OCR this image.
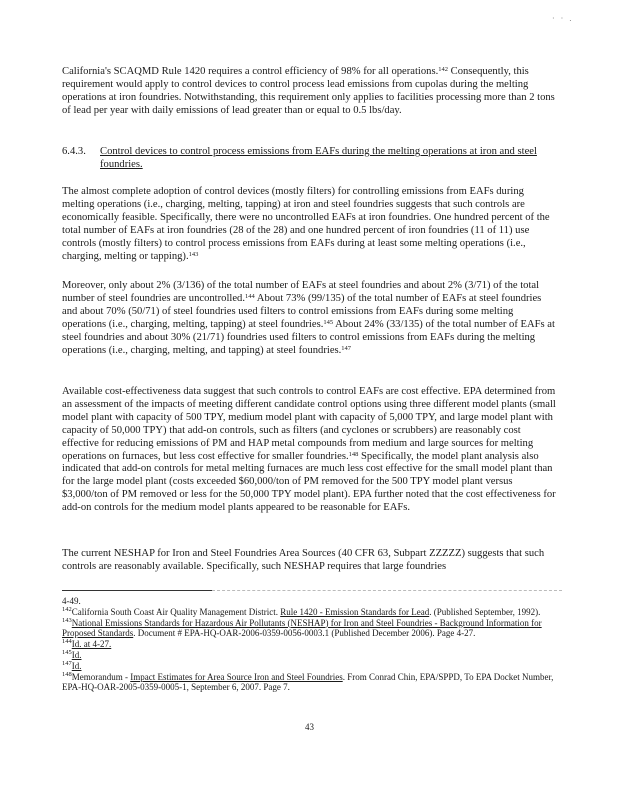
· · .

California's SCAQMD Rule 1420 requires a control efficiency of 98% for all operations.$^{142}$ Consequently, this requirement would apply to control devices to control process lead emissions from cupolas during the melting operations at iron foundries. Notwithstanding, this requirement only applies to facilities processing more than 2 tons of lead per year with daily emissions of lead greater than or equal to 0.5 lbs/day.

6.4.3. Control devices to control process emissions from EAFs during the melting operations at iron and steel foundries.

The almost complete adoption of control devices (mostly filters) for controlling emissions from EAFs during melting operations (i.e., charging, melting, tapping) at iron and steel foundries suggests that such controls are economically feasible. Specifically, there were no uncontrolled EAFs at iron foundries. One hundred percent of the total number of EAFs at iron foundries (28 of the 28) and one hundred percent of iron foundries (11 of 11) use controls (mostly filters) to control process emissions from EAFs during at least some melting operations (i.e., charging, melting or tapping).$^{143}$

Moreover, only about 2% (3/136) of the total number of EAFs at steel foundries and about 2% (3/71) of the total number of steel foundries are uncontrolled.$^{144}$ About 73% (99/135) of the total number of EAFs at steel foundries and about 70% (50/71) of steel foundries used filters to control emissions from EAFs during some melting operations (i.e., charging, melting, tapping) at steel foundries.$^{145}$ About 24% (33/135) of the total number of EAFs at steel foundries and about 30% (21/71) foundries used filters to control emissions from EAFs during the melting operations (i.e., charging, melting, and tapping) at steel foundries.$^{147}$

Available cost-effectiveness data suggest that such controls to control EAFs are cost effective. EPA determined from an assessment of the impacts of meeting different candidate control options using three different model plants (small model plant with capacity of 500 TPY, medium model plant with capacity of 5,000 TPY, and large model plant with capacity of 50,000 TPY) that add-on controls, such as filters (and cyclones or scrubbers) are reasonably cost effective for reducing emissions of PM and HAP metal compounds from medium and large sources for melting operations on furnaces, but less cost effective for smaller foundries.$^{148}$ Specifically, the model plant analysis also indicated that add-on controls for metal melting furnaces are much less cost effective for the small model plant than for the large model plant (costs exceeded $60,000/ton of PM removed for the 500 TPY model plant versus $3,000/ton of PM removed or less for the 50,000 TPY model plant). EPA further noted that the cost effectiveness for add-on controls for the medium model plants appeared to be reasonable for EAFs.

The current NESHAP for Iron and Steel Foundries Area Sources (40 CFR 63, Subpart ZZZZZ) suggests that such controls are reasonably available. Specifically, such NESHAP requires that large foundries

4-49.

$^{142}$California South Coast Air Quality Management District. Rule 1420 - Emission Standards for Lead. (Published September, 1992).

$^{143}$National Emissions Standards for Hazardous Air Pollutants (NESHAP) for Iron and Steel Foundries - Background Information for Proposed Standards. Document # EPA-HQ-OAR-2006-0359-0056-0003.1 (Published December 2006). Page 4-27.

$^{144}$Id. at 4-27.

$^{145}$Id.

$^{147}$Id.

$^{148}$Memorandum - Impact Estimates for Area Source Iron and Steel Foundries. From Conrad Chin, EPA/SPPD, To EPA Docket Number, EPA-HQ-OAR-2005-0359-0005-1, September 6, 2007. Page 7.

43
